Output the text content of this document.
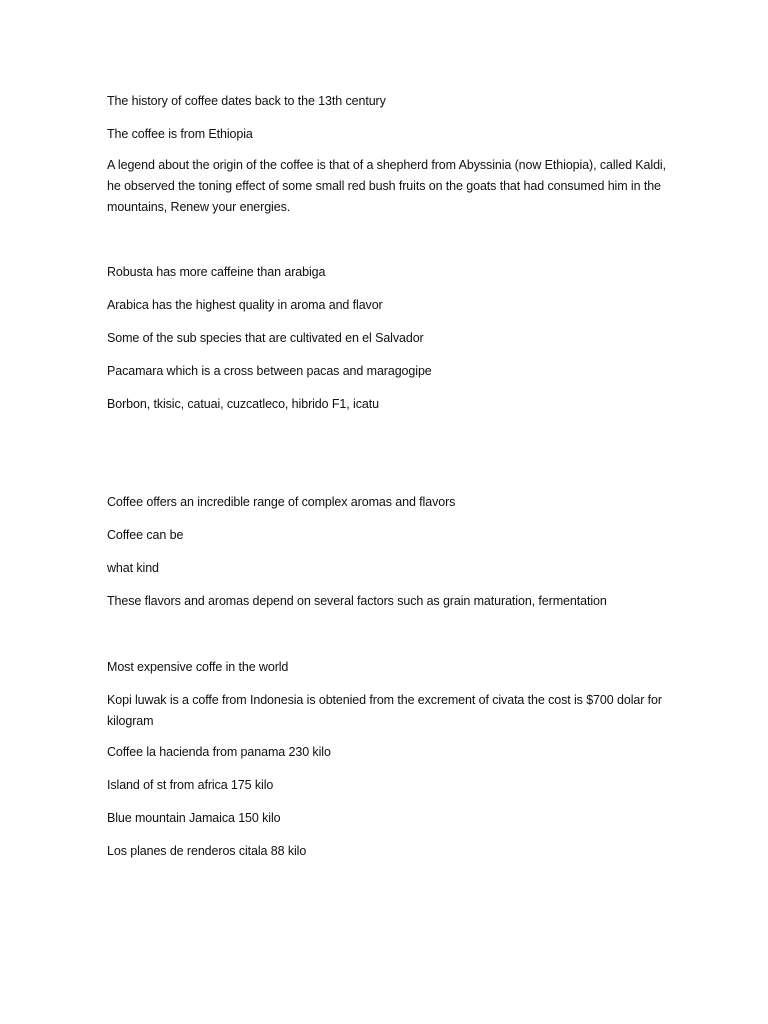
The history of coffee dates back to the 13th century

The coffee is from Ethiopia

A legend about the origin of the coffee is that of a shepherd from Abyssinia (now Ethiopia), called Kaldi, he observed the toning effect of some small red bush fruits on the goats that had consumed him in the mountains, Renew your energies.

Robusta has more caffeine than arabiga

Arabica has the highest quality in aroma and flavor

Some of the sub species that are cultivated en el Salvador

Pacamara which is a cross between pacas and maragogipe

Borbon, tkisic, catuai, cuzcatleco, hibrido F1, icatu

Coffee offers an incredible range of complex aromas and flavors

Coffee can be

what kind

These flavors and aromas depend on several factors such as grain maturation, fermentation

Most expensive coffe in the world

Kopi luwak is a coffe from Indonesia is obtenied from the excrement of civata the cost is $700 dolar for kilogram

Coffee la hacienda from panama 230 kilo

Island of st from africa 175 kilo

Blue mountain Jamaica 150 kilo

Los planes de renderos citala 88 kilo
